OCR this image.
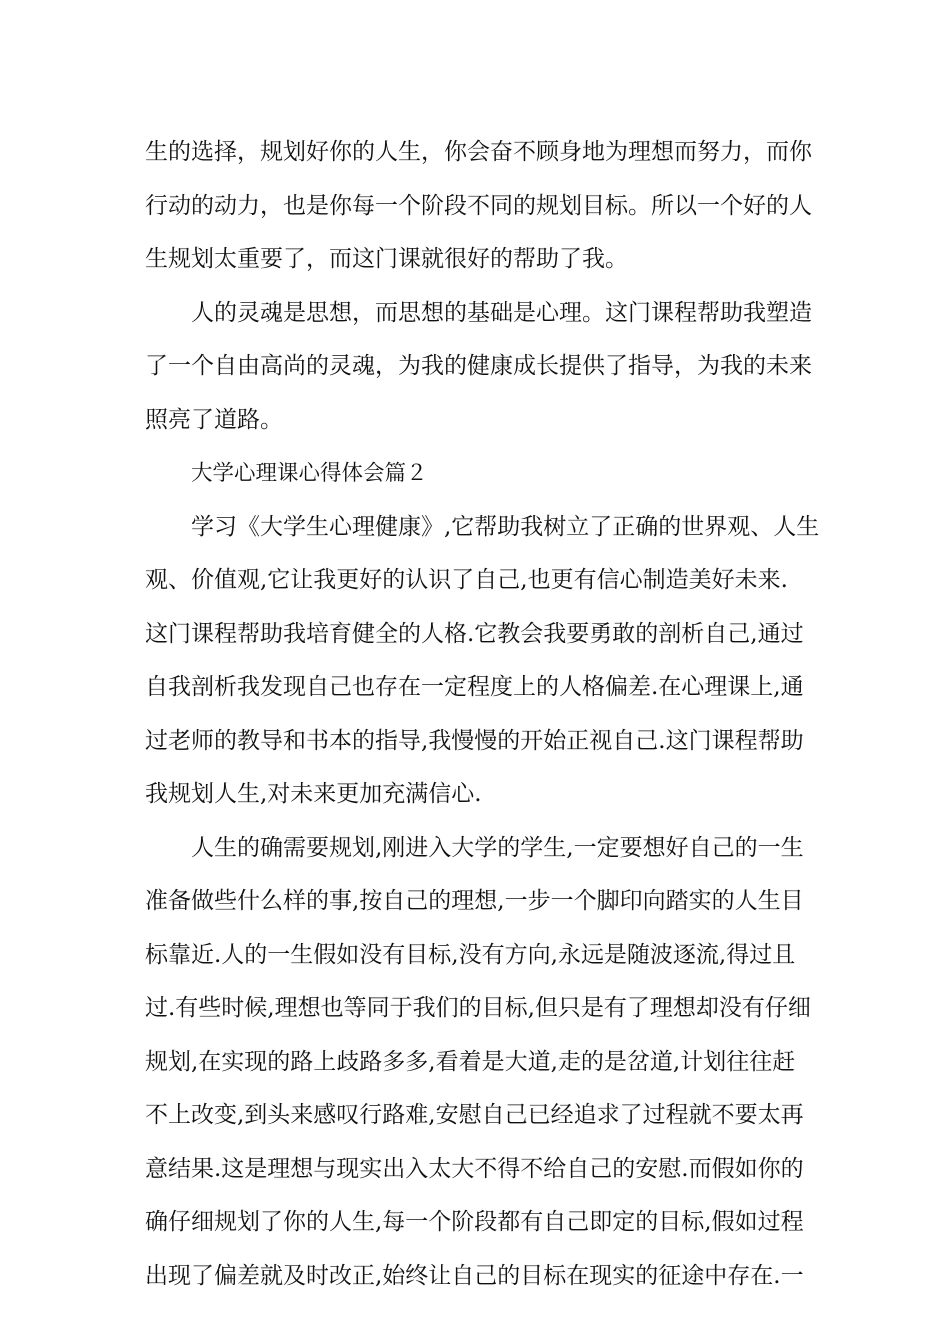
生的选择，规划好你的人生，你会奋不顾身地为理想而努力，而你
行动的动力，也是你每一个阶段不同的规划目标。所以一个好的人
生规划太重要了，而这门课就很好的帮助了我。
人的灵魂是思想，而思想的基础是心理。这门课程帮助我塑造
了一个自由高尚的灵魂，为我的健康成长提供了指导，为我的未来
照亮了道路。
大学心理课心得体会篇２
学习《大学生心理健康》,它帮助我树立了正确的世界观、人生
观、价值观,它让我更好的认识了自己,也更有信心制造美好未来.
这门课程帮助我培育健全的人格.它教会我要勇敢的剖析自己,通过
自我剖析我发现自己也存在一定程度上的人格偏差.在心理课上,通
过老师的教导和书本的指导,我慢慢的开始正视自己.这门课程帮助
我规划人生,对未来更加充满信心.
人生的确需要规划,刚进入大学的学生,一定要想好自己的一生
准备做些什么样的事,按自己的理想,一步一个脚印向踏实的人生目
标靠近.人的一生假如没有目标,没有方向,永远是随波逐流,得过且
过.有些时候,理想也等同于我们的目标,但只是有了理想却没有仔细
规划,在实现的路上歧路多多,看着是大道,走的是岔道,计划往往赶
不上改变,到头来感叹行路难,安慰自己已经追求了过程就不要太再
意结果.这是理想与现实出入太大不得不给自己的安慰.而假如你的
确仔细规划了你的人生,每一个阶段都有自己即定的目标,假如过程
出现了偏差就及时改正,始终让自己的目标在现实的征途中存在.一
